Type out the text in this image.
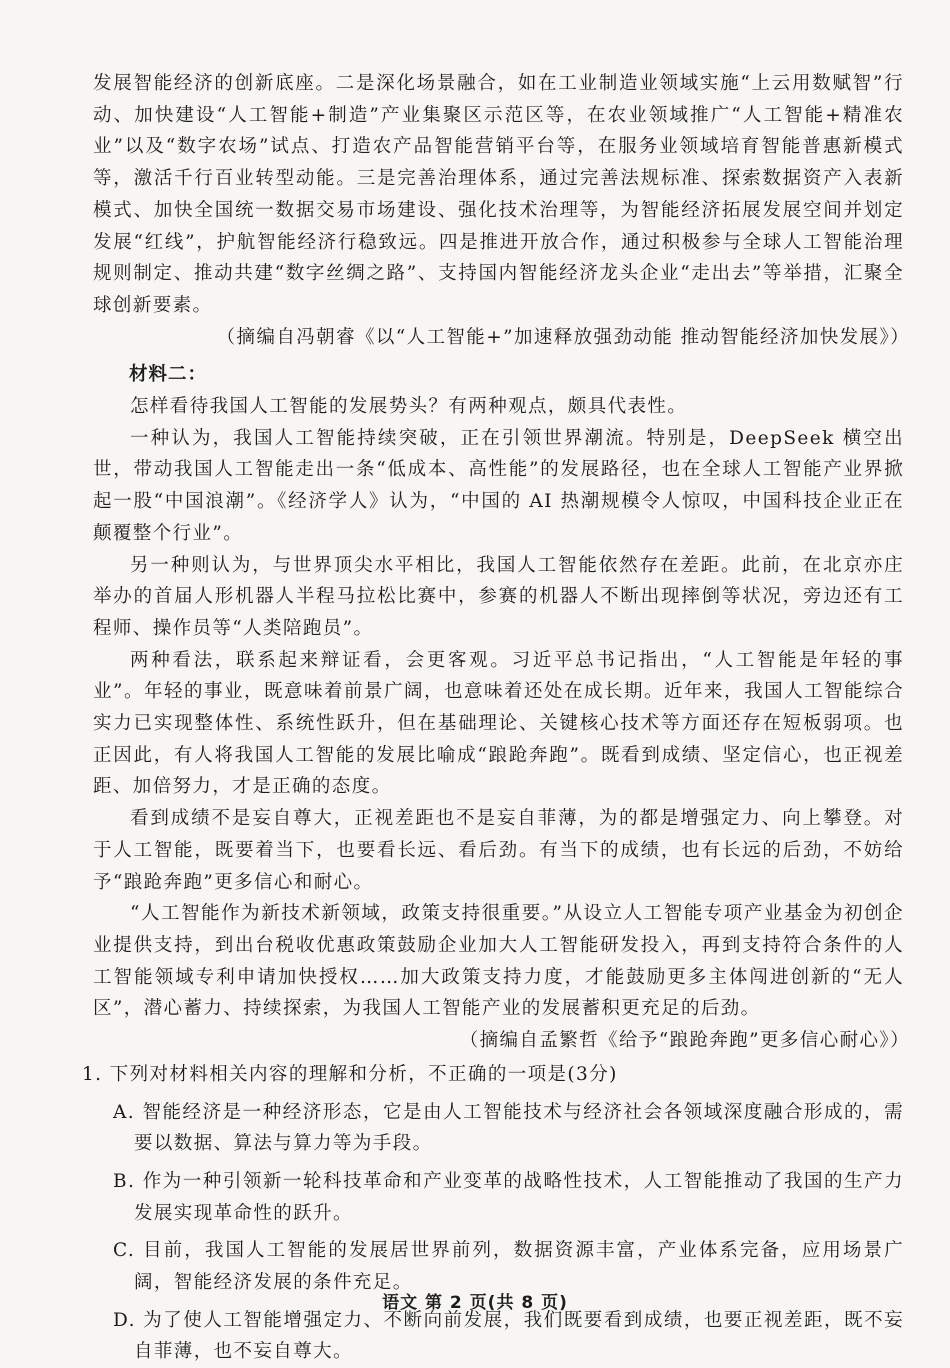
发展智能经济的创新底座。二是深化场景融合，如在工业制造业领域实施“上云用数赋智”行动、加快建设“人工智能+制造”产业集聚区示范区等，在农业领域推广“人工智能+精准农业”以及“数字农场”试点、打造农产品智能营销平台等，在服务业领域培育智能普惠新模式等，激活千行百业转型动能。三是完善治理体系，通过完善法规标准、探索数据资产入表新模式、加快全国统一数据交易市场建设、强化技术治理等，为智能经济拓展发展空间并划定发展“红线”，护航智能经济行稳致远。四是推进开放合作，通过积极参与全球人工智能治理规则制定、推动共建“数字丝绸之路”、支持国内智能经济龙头企业“走出去”等举措，汇聚全球创新要素。

（摘编自冯朝睿《以“人工智能+”加速释放强劲动能 推动智能经济加快发展》）

材料二：

怎样看待我国人工智能的发展势头？有两种观点，颇具代表性。

一种认为，我国人工智能持续突破，正在引领世界潮流。特别是，DeepSeek 横空出世，带动我国人工智能走出一条“低成本、高性能”的发展路径，也在全球人工智能产业界掀起一股“中国浪潮”。《经济学人》认为，“中国的 AI 热潮规模令人惊叹，中国科技企业正在颠覆整个行业”。

另一种则认为，与世界顶尖水平相比，我国人工智能依然存在差距。此前，在北京亦庄举办的首届人形机器人半程马拉松比赛中，参赛的机器人不断出现摔倒等状况，旁边还有工程师、操作员等“人类陪跑员”。

两种看法，联系起来辩证看，会更客观。习近平总书记指出，“人工智能是年轻的事业”。年轻的事业，既意味着前景广阔，也意味着还处在成长期。近年来，我国人工智能综合实力已实现整体性、系统性跃升，但在基础理论、关键核心技术等方面还存在短板弱项。也正因此，有人将我国人工智能的发展比喻成“踉跄奔跑”。既看到成绩、坚定信心，也正视差距、加倍努力，才是正确的态度。

看到成绩不是妄自尊大，正视差距也不是妄自菲薄，为的都是增强定力、向上攀登。对于人工智能，既要着当下，也要看长远、看后劲。有当下的成绩，也有长远的后劲，不妨给予“踉跄奔跑”更多信心和耐心。

“人工智能作为新技术新领域，政策支持很重要。”从设立人工智能专项产业基金为初创企业提供支持，到出台税收优惠政策鼓励企业加大人工智能研发投入，再到支持符合条件的人工智能领域专利申请加快授权……加大政策支持力度，才能鼓励更多主体闯进创新的“无人区”，潜心蓄力、持续探索，为我国人工智能产业的发展蓄积更充足的后劲。

（摘编自孟繁哲《给予“踉跄奔跑”更多信心耐心》）

1. 下列对材料相关内容的理解和分析，不正确的一项是(3分)

A. 智能经济是一种经济形态，它是由人工智能技术与经济社会各领域深度融合形成的，需要以数据、算法与算力等为手段。

B. 作为一种引领新一轮科技革命和产业变革的战略性技术，人工智能推动了我国的生产力发展实现革命性的跃升。

C. 目前，我国人工智能的发展居世界前列，数据资源丰富，产业体系完备，应用场景广阔，智能经济发展的条件充足。

D. 为了使人工智能增强定力、不断向前发展，我们既要看到成绩，也要正视差距，既不妄自菲薄，也不妄自尊大。

语文 第 2 页(共 8 页)
